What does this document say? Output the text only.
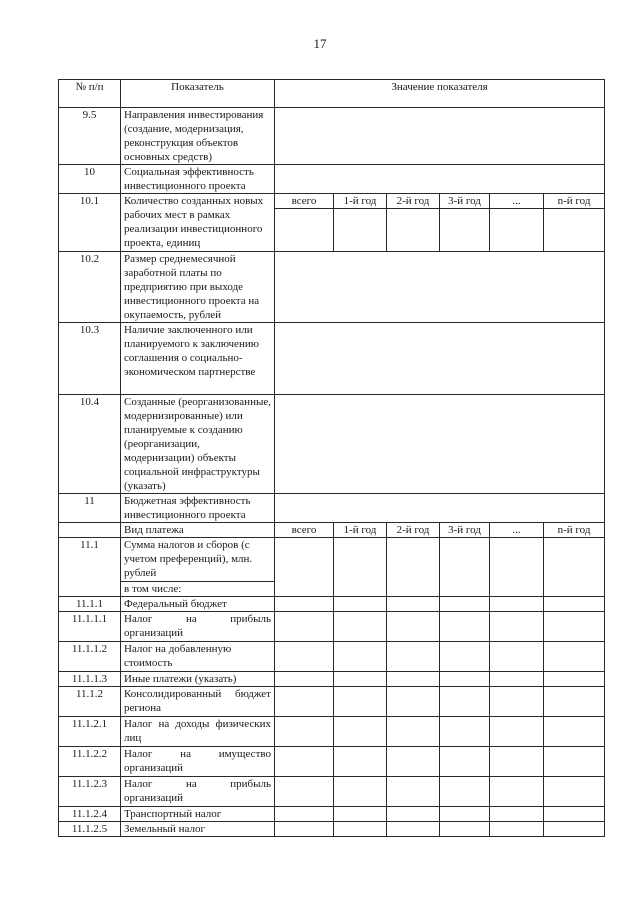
17
№ п/п	Показатель	Значение показателя					
9.5	Направления инвестирования (создание, модернизация, реконструкция объектов основных средств)						
10	Социальная эффективность инвестиционного проекта						
10.1	Количество созданных новых рабочих мест в рамках реализации инвестиционного проекта, единиц	всего	1-й год	2-й год	3-й год	...	n-й год

10.2	Размер среднемесячной заработной платы по предприятию при выходе инвестиционного проекта на окупаемость, рублей						
10.3	Наличие заключенного или планируемого к заключению соглашения о социально-экономическом партнерстве						
10.4	Созданные (реорганизованные, модернизированные) или планируемые к созданию (реорганизации, модернизации) объекты социальной инфраструктуры (указать)						
11	Бюджетная эффективность инвестиционного проекта						
	Вид платежа	всего	1-й год	2-й год	3-й год	...	n-й год
11.1	Сумма налогов и сборов (с учетом преференций), млн. рублей						
	в том числе:						
11.1.1	Федеральный бюджет						
11.1.1.1	Налог на прибыль организаций						
11.1.1.2	Налог на добавленную стоимость						
11.1.1.3	Иные платежи (указать)						
11.1.2	Консолидированный бюджет региона						
11.1.2.1	Налог на доходы физических лиц						
11.1.2.2	Налог на имущество организаций						
11.1.2.3	Налог на прибыль организаций						
11.1.2.4	Транспортный налог						
11.1.2.5	Земельный налог						
